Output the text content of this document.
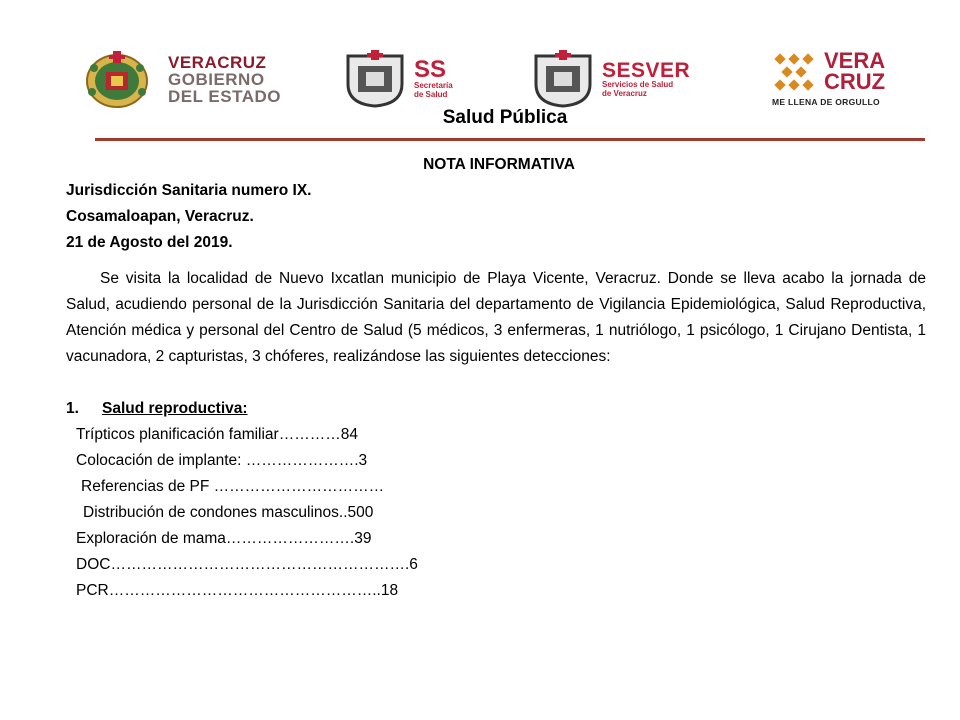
VERACRUZ
GOBIERNO
DEL ESTADO
SS
Secretaría
de Salud
SESVER
Servicios de Salud
de Veracruz
VERA
CRUZ
ME LLENA DE ORGULLO
Salud Pública
NOTA INFORMATIVA
Jurisdicción Sanitaria numero IX.
Cosamaloapan, Veracruz.
21 de Agosto del 2019.
Se visita la localidad de Nuevo Ixcatlan municipio de Playa Vicente, Veracruz. Donde se lleva acabo la jornada de Salud, acudiendo personal de la Jurisdicción Sanitaria del departamento de Vigilancia Epidemiológica, Salud Reproductiva, Atención médica y personal del Centro de Salud (5 médicos, 3 enfermeras, 1 nutriólogo, 1 psicólogo, 1 Cirujano Dentista, 1 vacunadora, 2 capturistas, 3 chóferes, realizándose las siguientes detecciones:
1. Salud reproductiva:
Trípticos planificación familiar…………84
Colocación de implante: ………………….3
Referencias de PF ……………………………
Distribución de condones masculinos..500
Exploración de mama…………………….39
DOC………………………………………………….6
PCR……………………………………………..18
